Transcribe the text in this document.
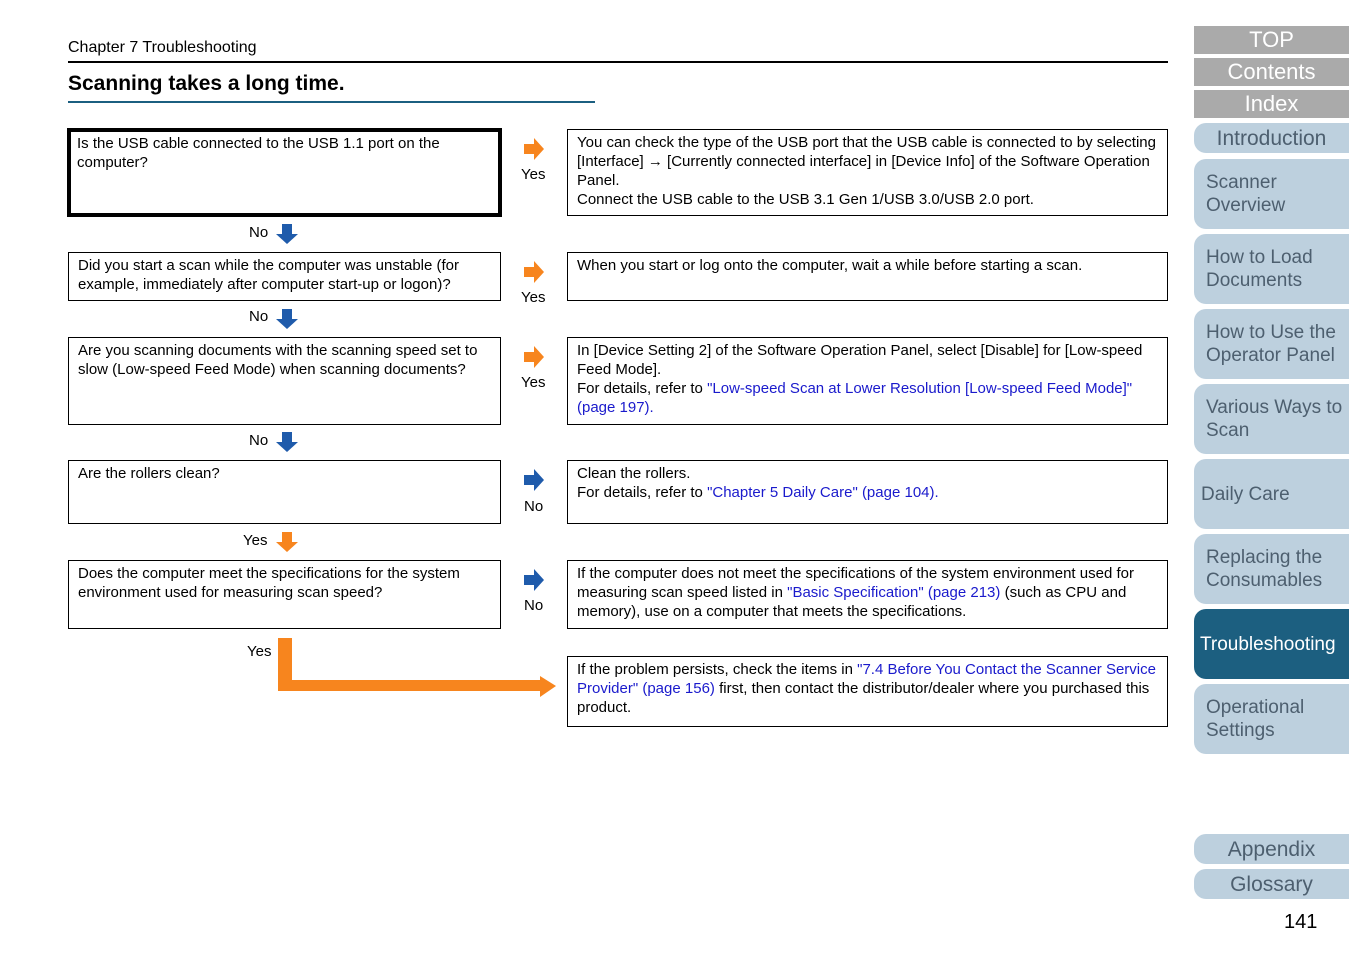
Chapter 7 Troubleshooting
Scanning takes a long time.

Is the USB cable connected to the USB 1.1 port on the computer?

Yes

You can check the type of the USB port that the USB cable is connected to by selecting [Interface] → [Currently connected interface] in [Device Info] of the Software Operation Panel.

Connect the USB cable to the USB 3.1 Gen 1/USB 3.0/USB 2.0 port.

No

Did you start a scan while the computer was unstable (for example, immediately after computer start-up or logon)?

Yes

When you start or log onto the computer, wait a while before starting a scan.

No

Are you scanning documents with the scanning speed set to slow (Low-speed Feed Mode) when scanning documents?

Yes

In [Device Setting 2] of the Software Operation Panel, select [Disable] for [Low-speed Feed Mode].

For details, refer to "Low-speed Scan at Lower Resolution [Low-speed Feed Mode]" (page 197).

No

Are the rollers clean?

No

Clean the rollers.

For details, refer to "Chapter 5 Daily Care" (page 104).

Yes

Does the computer meet the specifications for the system environment used for measuring scan speed?

No

If the computer does not meet the specifications of the system environment used for measuring scan speed listed in "Basic Specification" (page 213) (such as CPU and memory), use on a computer that meets the specifications.

Yes

If the problem persists, check the items in "7.4 Before You Contact the Scanner Service Provider" (page 156) first, then contact the distributor/dealer where you purchased this product.

TOP
Contents
Index
Introduction
Scanner Overview
How to Load Documents
How to Use the Operator Panel
Various Ways to Scan
Daily Care
Replacing the Consumables
Troubleshooting
Operational Settings
Appendix
Glossary
141
